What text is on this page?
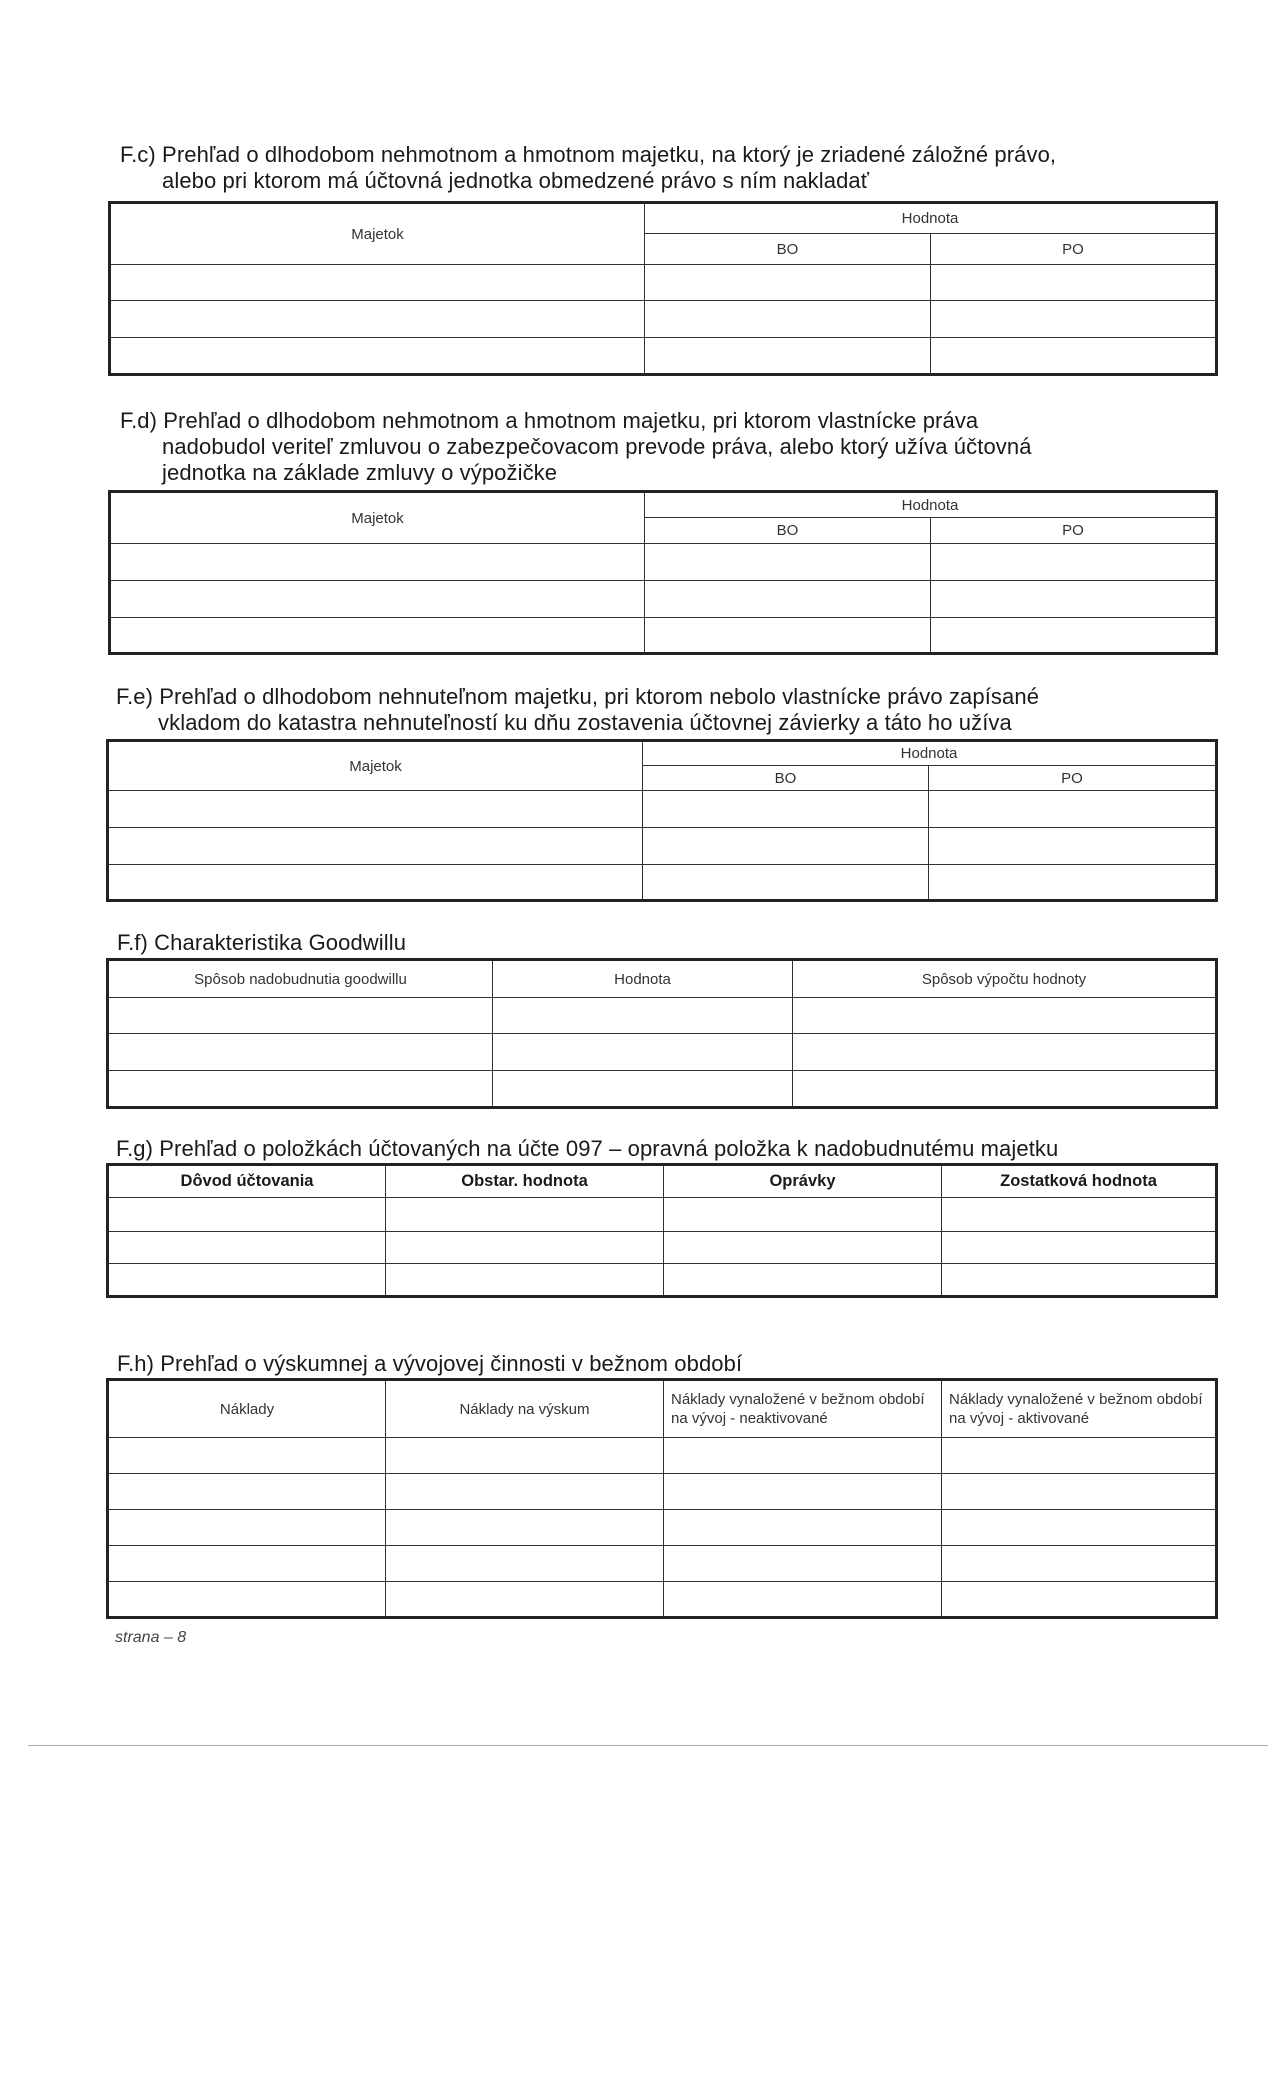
F.c) Prehľad o dlhodobom nehmotnom a hmotnom majetku, na ktorý je zriadené záložné právo,
alebo pri ktorom má účtovná jednotka obmedzené právo s ním nakladať
Majetok	Hodnota	
	BO	PO

F.d) Prehľad o dlhodobom nehmotnom a hmotnom majetku, pri ktorom vlastnícke práva
nadobudol veriteľ zmluvou o zabezpečovacom prevode práva, alebo ktorý užíva účtovná
jednotka na základe zmluvy o výpožičke
Majetok	Hodnota	
	BO	PO

F.e) Prehľad o dlhodobom nehnuteľnom majetku, pri ktorom nebolo vlastnícke právo zapísané
vkladom do katastra nehnuteľností ku dňu zostavenia účtovnej závierky a táto ho užíva
Majetok	Hodnota	
	BO	PO

F.f) Charakteristika Goodwillu
Spôsob nadobudnutia goodwillu	Hodnota	Spôsob výpočtu hodnoty

F.g) Prehľad o položkách účtovaných na účte 097 – opravná položka k nadobudnutému majetku
Dôvod účtovania	Obstar. hodnota	Oprávky	Zostatková hodnota

F.h) Prehľad o výskumnej a vývojovej činnosti v bežnom období
Náklady	Náklady na výskum	Náklady vynaložené v bežnom období na vývoj - neaktivované	Náklady vynaložené v bežnom období na vývoj - aktivované

strana – 8
